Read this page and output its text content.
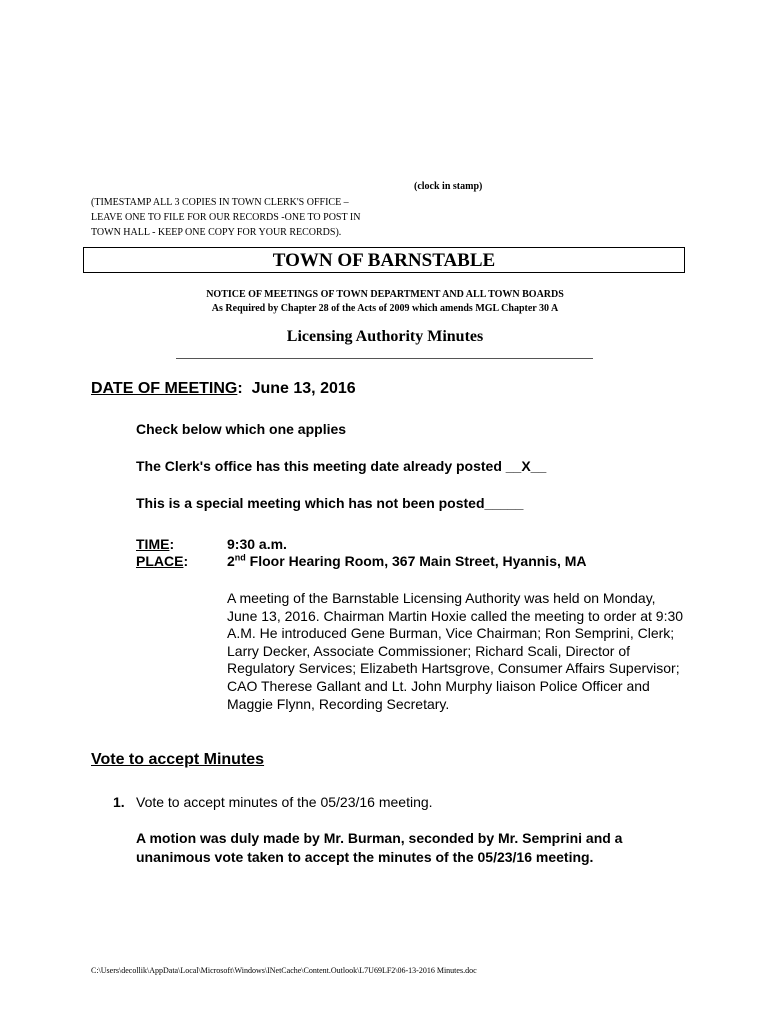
(clock in stamp)
(TIMESTAMP ALL 3 COPIES IN TOWN CLERK'S OFFICE –
LEAVE ONE TO FILE FOR OUR RECORDS -ONE TO POST IN
TOWN HALL - KEEP ONE COPY FOR YOUR RECORDS).
TOWN OF BARNSTABLE
NOTICE OF MEETINGS OF TOWN DEPARTMENT AND ALL TOWN BOARDS
As Required by Chapter 28 of the Acts of 2009 which amends MGL Chapter 30 A
Licensing Authority Minutes
DATE OF MEETING: June 13, 2016
Check below which one applies
The Clerk's office has this meeting date already posted __X__
This is a special meeting which has not been posted_____
TIME:
PLACE:
9:30 a.m.
2nd Floor Hearing Room, 367 Main Street, Hyannis, MA
A meeting of the Barnstable Licensing Authority was held on Monday, June 13, 2016. Chairman Martin Hoxie called the meeting to order at 9:30 A.M. He introduced Gene Burman, Vice Chairman; Ron Semprini, Clerk; Larry Decker, Associate Commissioner; Richard Scali, Director of Regulatory Services; Elizabeth Hartsgrove, Consumer Affairs Supervisor; CAO Therese Gallant and Lt. John Murphy liaison Police Officer and Maggie Flynn, Recording Secretary.
Vote to accept Minutes
1. Vote to accept minutes of the 05/23/16 meeting.
A motion was duly made by Mr. Burman, seconded by Mr. Semprini and a unanimous vote taken to accept the minutes of the 05/23/16 meeting.
C:\Users\decollik\AppData\Local\Microsoft\Windows\INetCache\Content.Outlook\L7U69LF2\06-13-2016 Minutes.doc
